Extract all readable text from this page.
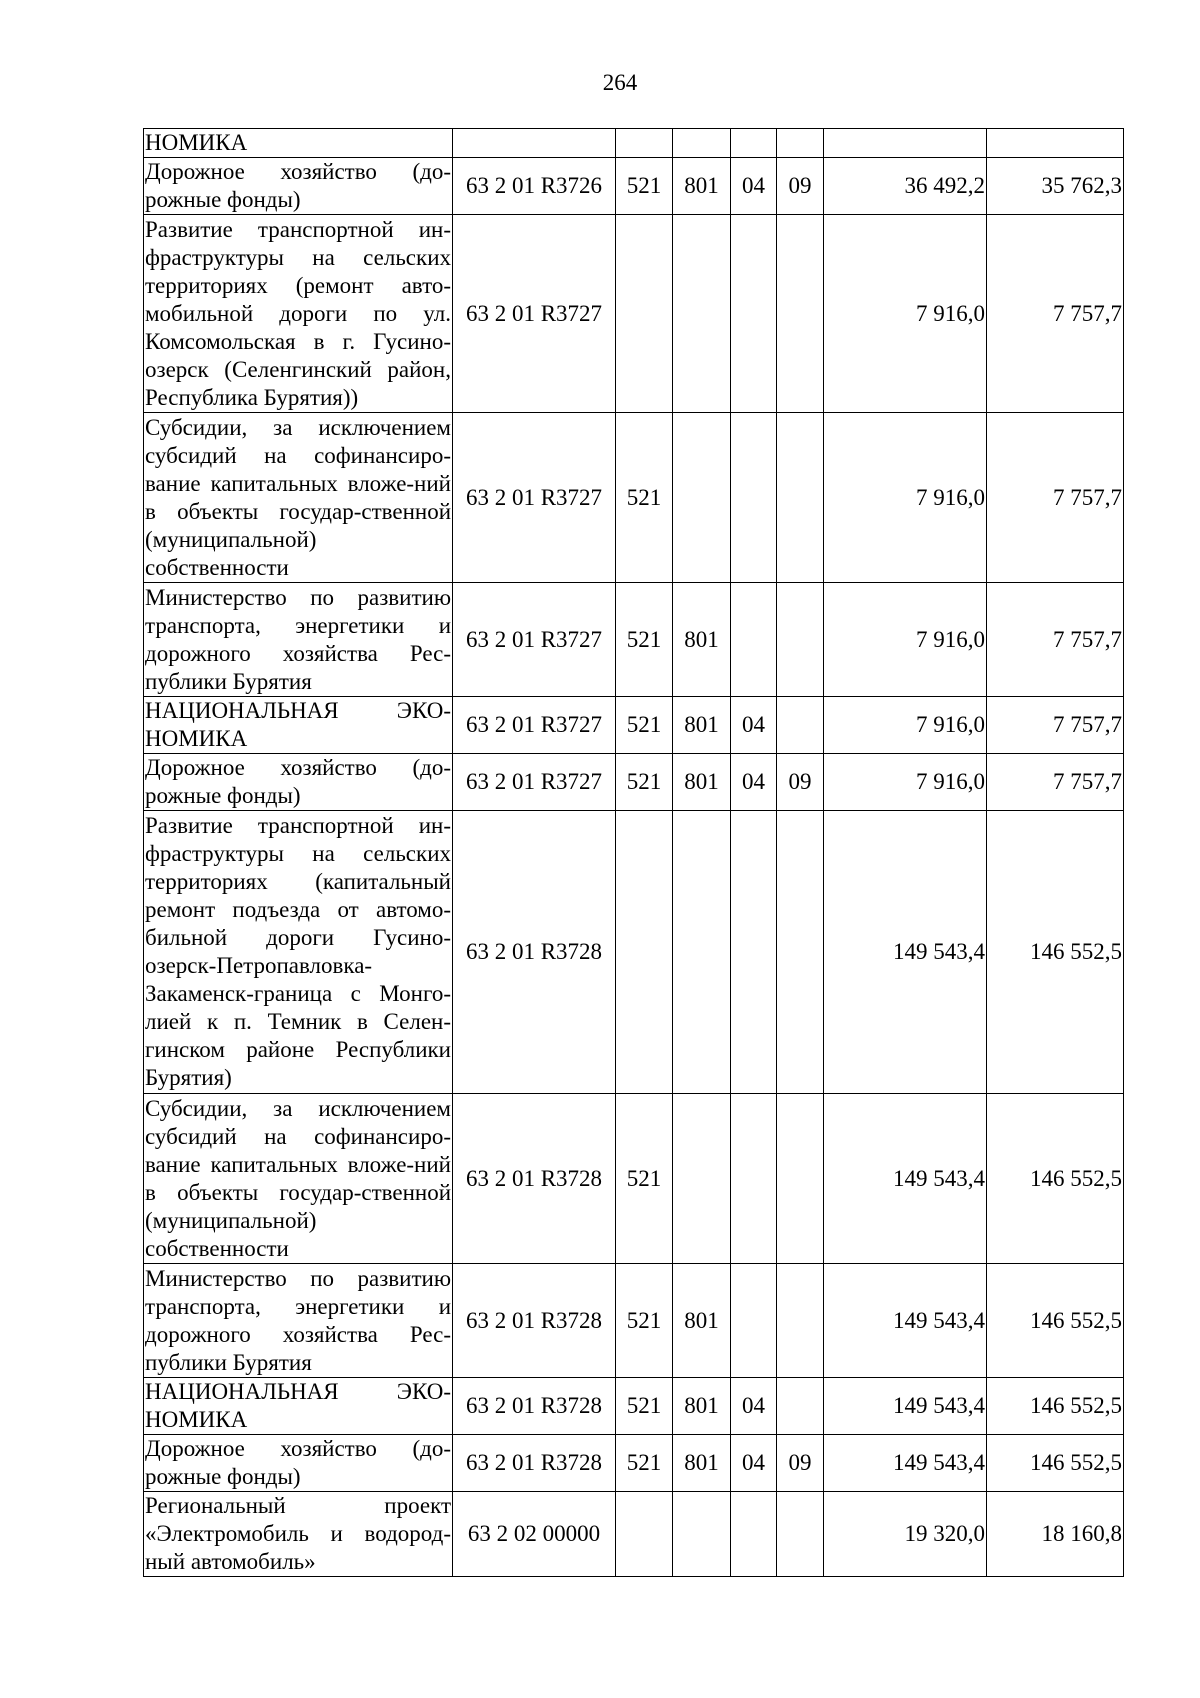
264
НОМИКА							
Дорожное хозяйство (до-рожные фонды)	63 2 01 R3726	521	801	04	09	36 492,2	35 762,3
Развитие транспортной ин-фраструктуры на сельских территориях (ремонт авто-мобильной дороги по ул. Комсомольская в г. Гусино-озерск (Селенгинский район, Республика Бурятия))	63 2 01 R3727					7 916,0	7 757,7
Субсидии, за исключением субсидий на софинансиро-вание капитальных вложе-ний в объекты государ-ственной (муниципальной) собственности	63 2 01 R3727	521				7 916,0	7 757,7
Министерство по развитию транспорта, энергетики и дорожного хозяйства Рес-публики Бурятия	63 2 01 R3727	521	801			7 916,0	7 757,7
НАЦИОНАЛЬНАЯ ЭКО-НОМИКА	63 2 01 R3727	521	801	04		7 916,0	7 757,7
Дорожное хозяйство (до-рожные фонды)	63 2 01 R3727	521	801	04	09	7 916,0	7 757,7
Развитие транспортной ин-фраструктуры на сельских территориях (капитальный ремонт подъезда от автомо-бильной дороги Гусино-озерск-Петропавловка-Закаменск-граница с Монго-лией к п. Темник в Селен-гинском районе Республики Бурятия)	63 2 01 R3728					149 543,4	146 552,5
Субсидии, за исключением субсидий на софинансиро-вание капитальных вложе-ний в объекты государ-ственной (муниципальной) собственности	63 2 01 R3728	521				149 543,4	146 552,5
Министерство по развитию транспорта, энергетики и дорожного хозяйства Рес-публики Бурятия	63 2 01 R3728	521	801			149 543,4	146 552,5
НАЦИОНАЛЬНАЯ ЭКО-НОМИКА	63 2 01 R3728	521	801	04		149 543,4	146 552,5
Дорожное хозяйство (до-рожные фонды)	63 2 01 R3728	521	801	04	09	149 543,4	146 552,5
Региональный проект «Электромобиль и водород-ный автомобиль»	63 2 02 00000					19 320,0	18 160,8
